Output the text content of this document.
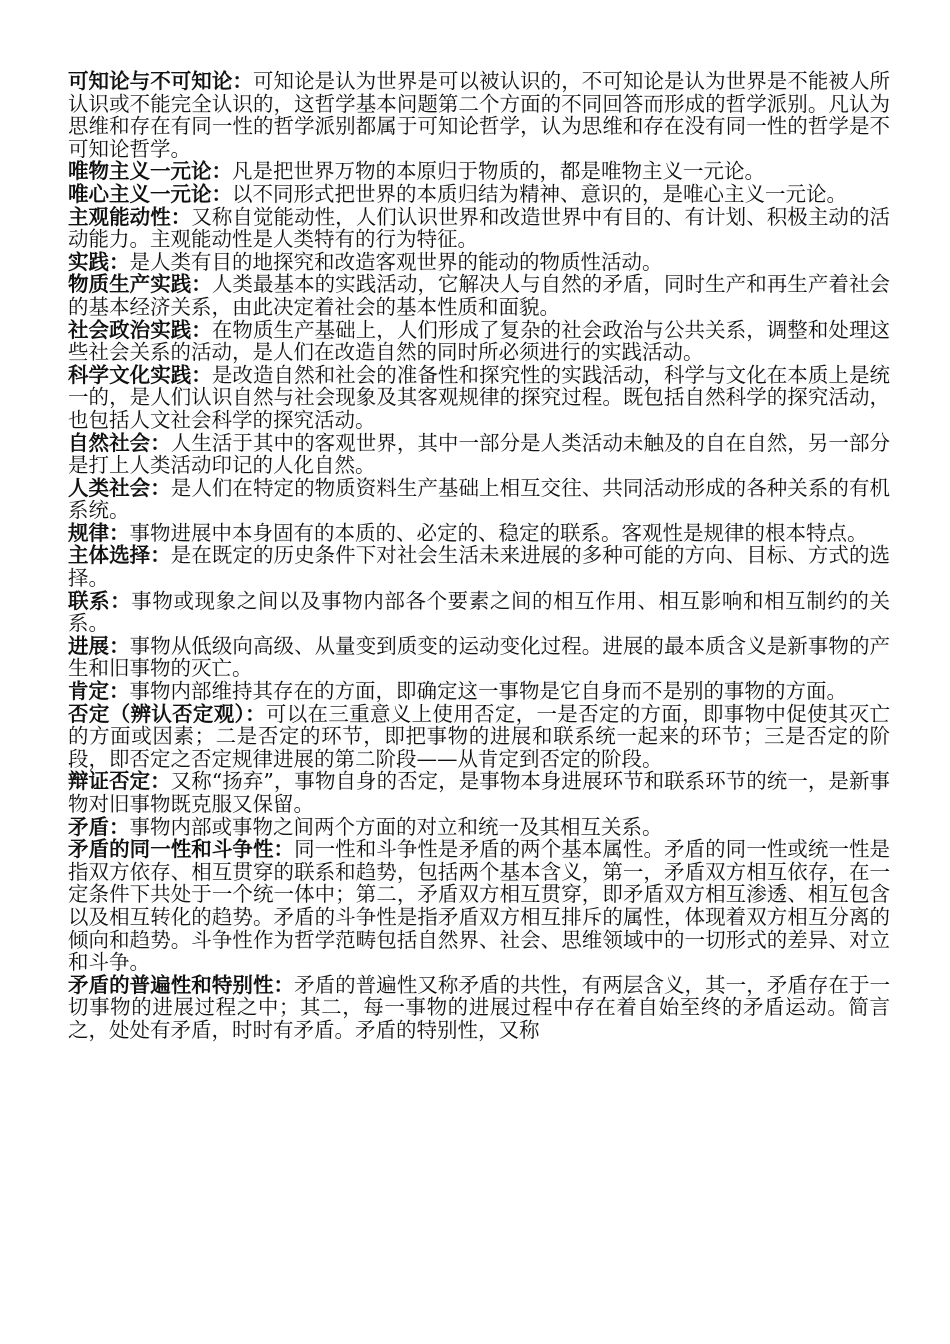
可知论与不可知论：可知论是认为世界是可以被认识的，不可知论是认为世界是不能被人所认识或不能完全认识的，这哲学基本问题第二个方面的不同回答而形成的哲学派别。凡认为思维和存在有同一性的哲学派别都属于可知论哲学，认为思维和存在没有同一性的哲学是不可知论哲学。

唯物主义一元论：凡是把世界万物的本原归于物质的，都是唯物主义一元论。

唯心主义一元论：以不同形式把世界的本质归结为精神、意识的，是唯心主义一元论。

主观能动性：又称自觉能动性，人们认识世界和改造世界中有目的、有计划、积极主动的活动能力。主观能动性是人类特有的行为特征。

实践：是人类有目的地探究和改造客观世界的能动的物质性活动。

物质生产实践：人类最基本的实践活动，它解决人与自然的矛盾，同时生产和再生产着社会的基本经济关系，由此决定着社会的基本性质和面貌。

社会政治实践：在物质生产基础上，人们形成了复杂的社会政治与公共关系，调整和处理这些社会关系的活动，是人们在改造自然的同时所必须进行的实践活动。

科学文化实践：是改造自然和社会的准备性和探究性的实践活动，科学与文化在本质上是统一的，是人们认识自然与社会现象及其客观规律的探究过程。既包括自然科学的探究活动，也包括人文社会科学的探究活动。

自然社会：人生活于其中的客观世界，其中一部分是人类活动未触及的自在自然，另一部分是打上人类活动印记的人化自然。

人类社会：是人们在特定的物质资料生产基础上相互交往、共同活动形成的各种关系的有机系统。

规律：事物进展中本身固有的本质的、必定的、稳定的联系。客观性是规律的根本特点。

主体选择：是在既定的历史条件下对社会生活未来进展的多种可能的方向、目标、方式的选择。

联系：事物或现象之间以及事物内部各个要素之间的相互作用、相互影响和相互制约的关系。

进展：事物从低级向高级、从量变到质变的运动变化过程。进展的最本质含义是新事物的产生和旧事物的灭亡。

肯定：事物内部维持其存在的方面，即确定这一事物是它自身而不是别的事物的方面。

否定（辨认否定观）：可以在三重意义上使用否定，一是否定的方面，即事物中促使其灭亡的方面或因素；二是否定的环节，即把事物的进展和联系统一起来的环节；三是否定的阶段，即否定之否定规律进展的第二阶段——从肯定到否定的阶段。

辩证否定：又称“扬弃”，事物自身的否定，是事物本身进展环节和联系环节的统一，是新事物对旧事物既克服又保留。

矛盾：事物内部或事物之间两个方面的对立和统一及其相互关系。

矛盾的同一性和斗争性：同一性和斗争性是矛盾的两个基本属性。矛盾的同一性或统一性是指双方依存、相互贯穿的联系和趋势，包括两个基本含义，第一，矛盾双方相互依存，在一定条件下共处于一个统一体中；第二，矛盾双方相互贯穿，即矛盾双方相互渗透、相互包含以及相互转化的趋势。矛盾的斗争性是指矛盾双方相互排斥的属性，体现着双方相互分离的倾向和趋势。斗争性作为哲学范畴包括自然界、社会、思维领域中的一切形式的差异、对立和斗争。

矛盾的普遍性和特别性：矛盾的普遍性又称矛盾的共性，有两层含义，其一，矛盾存在于一切事物的进展过程之中；其二，每一事物的进展过程中存在着自始至终的矛盾运动。简言之，处处有矛盾，时时有矛盾。矛盾的特别性，又称
